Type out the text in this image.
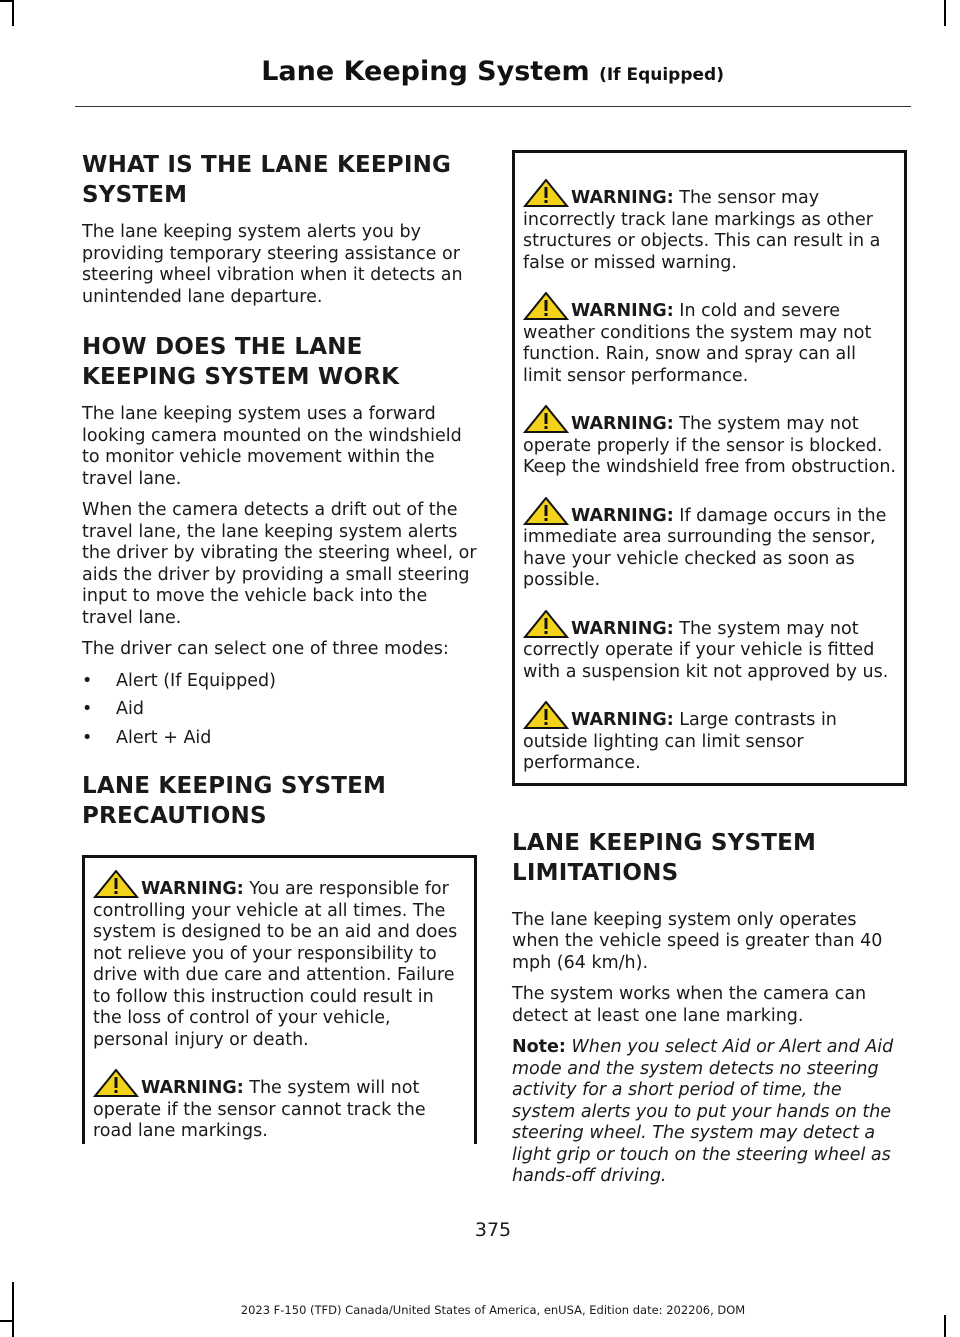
Lane Keeping System (If Equipped)
WHAT IS THE LANE KEEPING SYSTEM

The lane keeping system alerts you by providing temporary steering assistance or steering wheel vibration when it detects an unintended lane departure.

HOW DOES THE LANE KEEPING SYSTEM WORK

The lane keeping system uses a forward looking camera mounted on the windshield to monitor vehicle movement within the travel lane.

When the camera detects a drift out of the travel lane, the lane keeping system alerts the driver by vibrating the steering wheel, or aids the driver by providing a small steering input to move the vehicle back into the travel lane.

The driver can select one of three modes:

•	Alert (If Equipped)
•	Aid
•	Alert + Aid
LANE KEEPING SYSTEM PRECAUTIONS
WARNING: You are responsible for controlling your vehicle at all times. The system is designed to be an aid and does not relieve you of your responsibility to drive with due care and attention. Failure to follow this instruction could result in the loss of control of your vehicle, personal injury or death.
WARNING: The system will not operate if the sensor cannot track the road lane markings.
WARNING: The sensor may incorrectly track lane markings as other structures or objects. This can result in a false or missed warning.
WARNING: In cold and severe weather conditions the system may not function. Rain, snow and spray can all limit sensor performance.
WARNING: The system may not operate properly if the sensor is blocked. Keep the windshield free from obstruction.
WARNING: If damage occurs in the immediate area surrounding the sensor, have your vehicle checked as soon as possible.
WARNING: The system may not correctly operate if your vehicle is fitted with a suspension kit not approved by us.
WARNING: Large contrasts in outside lighting can limit sensor performance.
LANE KEEPING SYSTEM LIMITATIONS

The lane keeping system only operates when the vehicle speed is greater than 40 mph (64 km/h).

The system works when the camera can detect at least one lane marking.

Note: When you select Aid or Alert and Aid mode and the system detects no steering activity for a short period of time, the system alerts you to put your hands on the steering wheel. The system may detect a light grip or touch on the steering wheel as hands-off driving.

375
2023 F-150 (TFD) Canada/United States of America, enUSA, Edition date: 202206, DOM
